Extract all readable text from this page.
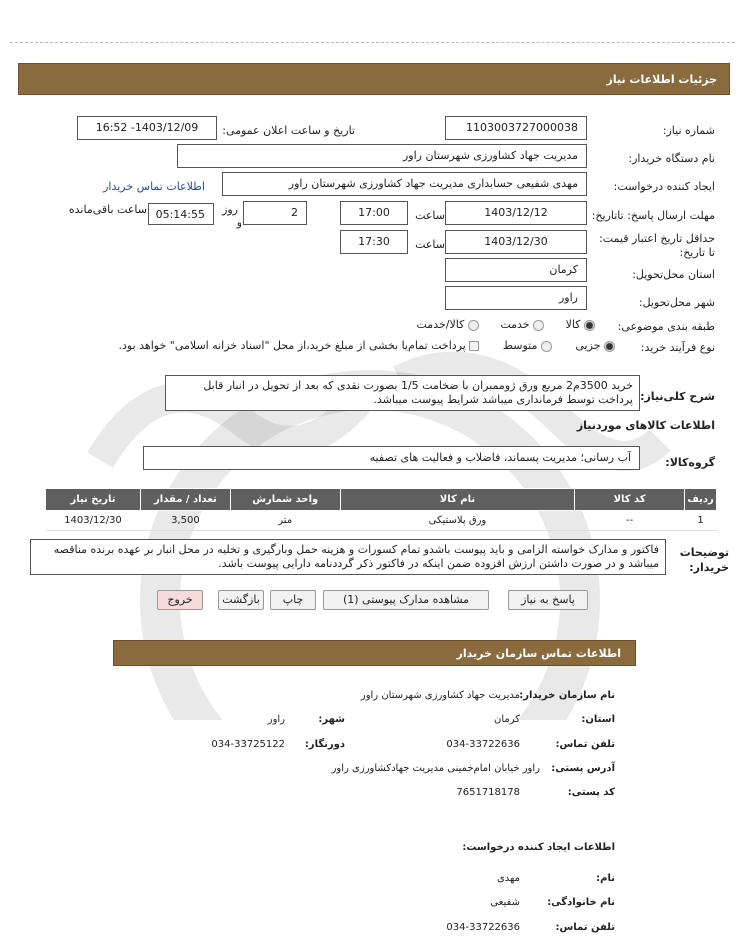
جزئیات اطلاعات نیاز
شماره نیاز:
1103003727000038
تاریخ و ساعت اعلان عمومی:
1403/12/09- 16:52
نام دستگاه خریدار:
مدیریت جهاد کشاورزی شهرستان راور
ایجاد کننده درخواست:
مهدی شفیعی حسابداری مدیریت جهاد کشاورزی شهرستان راور
اطلاعات تماس خریدار
مهلت ارسال پاسخ: تاتاریخ:
1403/12/12
ساعت
17:00
2
روز
و
05:14:55
ساعت باقی‌مانده
حداقل تاریخ اعتبار قیمت: تا تاریخ:
1403/12/30
ساعت
17:30
استان محل‌تحویل:
کرمان
شهر محل‌تحویل:
راور
طبقه بندی موضوعی:
کالا  خدمت  کالا/خدمت
نوع فرآیند خرید:
جزیی  متوسط  پرداخت تمام‌یا بخشی از مبلغ خرید،از محل "اسناد خزانه اسلامی" خواهد بود.
شرح کلی‌نیاز:
خرید 3500م2 مربع ورق ژوممبران با ضخامت 1/5 بصورت نقدی که بعد از تحویل در انبار قابل پرداخت توسط فرمانداری میباشد شرایط پیوست میباشد.
اطلاعات کالاهای موردنیاز
گروه‌کالا:
آب رسانی؛ مدیریت پسماند، فاضلاب و فعالیت های تصفیه
ردیف	کد کالا	نام کالا	واحد شمارش	تعداد / مقدار	تاریخ نیاز
1	--	ورق پلاستیکی	متر	3,500	1403/12/30
توضیحات خریدار:
فاکتور و مدارک خواسته الزامی و باید پیوست باشدو تمام کسورات و هزینه حمل وبارگیری و تخلیه در محل انبار بر عهده برنده مناقصه میباشد و در صورت داشتن ارزش افزوده ضمن اینکه در فاکتور ذکر گرددنامه دارایی پیوست باشد.
پاسخ به نیاز
مشاهده مدارک پیوستی (1)
چاپ
بازگشت
خروج
اطلاعات تماس سازمان خریدار
نام سازمان خریدار:
مدیریت جهاد کشاورزی شهرستان راور
استان:
کرمان
شهر:
راور
تلفن تماس:
034-33722636
دورنگار:
034-33725122
آدرس پستی:
راور خیابان امام‌خمینی مدیریت جهادکشاورزی راور
کد پستی:
7651718178
اطلاعات ایجاد کننده درخواست:
نام:
مهدی
نام خانوادگی:
شفیعی
تلفن تماس:
034-33722636
